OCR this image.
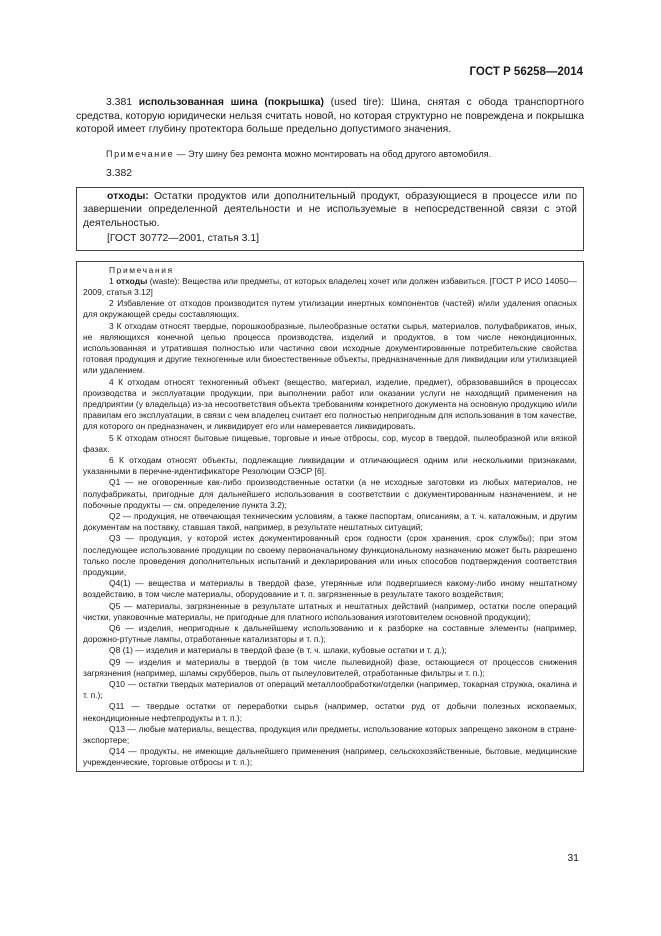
ГОСТ Р 56258—2014

3.381 использованная шина (покрышка) (used tire): Шина, снятая с обода транспортного средства, которую юридически нельзя считать новой, но которая структурно не повреждена и покрышка которой имеет глубину протектора больше предельно допустимого значения.

Примечание — Эту шину без ремонта можно монтировать на обод другого автомобиля.

3.382

отходы: Остатки продуктов или дополнительный продукт, образующиеся в процессе или по завершении определенной деятельности и не используемые в непосредственной связи с этой деятельностью.

[ГОСТ 30772—2001, статья 3.1]

Примечания

1 отходы (waste): Вещества или предметы, от которых владелец хочет или должен избавиться. [ГОСТ Р ИСО 14050—2009, статья 3.12]

2 Избавление от отходов производится путем утилизации инертных компонентов (частей) и/или удаления опасных для окружающей среды составляющих.

3 К отходам относят твердые, порошкообразные, пылеобразные остатки сырья, материалов, полуфабрикатов, иных, не являющихся конечной целью процесса производства, изделий и продуктов, в том числе некондиционных, использованная и утратившая полностью или частично свои исходные документированные потребительские свойства готовая продукция и другие техногенные или биоестественные объекты, предназначенные для ликвидации или утилизацией или удалением.

4 К отходам относят техногенный объект (вещество, материал, изделие, предмет), образовавшийся в процессах производства и эксплуатации продукции, при выполнении работ или оказании услуги не находящий применения на предприятии (у владельца) из-за несоответствия объекта требованиям конкретного документа на основную продукцию и/или правилам его эксплуатации, в связи с чем владелец считает его полностью непригодным для использования в том качестве, для которого он предназначен, и ликвидирует его или намеревается ликвидировать.

5 К отходам относят бытовые пищевые, торговые и иные отбросы, сор, мусор в твердой, пылеобразной или вязкой фазах.

6 К отходам относят объекты, подлежащие ликвидации и отличающиеся одним или несколькими признаками, указанными в перечне-идентификаторе Резолюции ОЭСР [6].

Q1 — не оговоренные как-либо производственные остатки (а не исходные заготовки из любых материалов, не полуфабрикаты, пригодные для дальнейшего использования в соответствии с документированным назначением, и не побочные продукты — см. определение пункта 3.2);

Q2 — продукция, не отвечающая техническим условиям, а также паспортам, описаниям, а т. ч. каталожным, и другим документам на поставку, ставшая такой, например, в результате нештатных ситуаций;

Q3 — продукция, у которой истек документированный срок годности (срок хранения, срок службы); при этом последующее использование продукции по своему первоначальному функциональному назначению может быть разрешено только после проведения дополнительных испытаний и декларирования или иных способов подтверждения соответствия продукции,

Q4(1) — вещества и материалы в твердой фазе, утерянные или подвергшиеся какому-либо иному нештатному воздействию, в том числе материалы, оборудование и т. п. загрязненные в результате такого воздействия;

Q5 — материалы, загрязненные в результате штатных и нештатных действий (например, остатки после операций чистки, упаковочные материалы, не пригодные для платного использования изготовителем основной продукции);

Q6 — изделия, непригодные к дальнейшему использованию и к разборке на составные элементы (например, дорожно-ртутные лампы, отработанные катализаторы и т. п.);

Q8 (1) — изделия и материалы в твердой фазе (в т. ч. шлаки, кубовые остатки и т. д.);

Q9 — изделия и материалы в твердой (в том числе пылевидной) фазе, остающиеся от процессов снижения загрязнения (например, шламы скрубберов, пыль от пылеуловителей, отработанные фильтры и т. п.);

Q10 — остатки твердых материалов от операций металлообработки/отделки (например, токарная стружка, окалина и т. п.);

Q11 — твердые остатки от переработки сырья (например, остатки руд от добычи полезных ископаемых, некондиционные нефтепродукты и т. п.);

Q13 — любые материалы, вещества, продукция или предметы, использование которых запрещено законом в стране-экспортере;

Q14 — продукты, не имеющие дальнейшего применения (например, сельскохозяйственные, бытовые, медицинские учрежденческие, торговые отбросы и т. п.);

31
